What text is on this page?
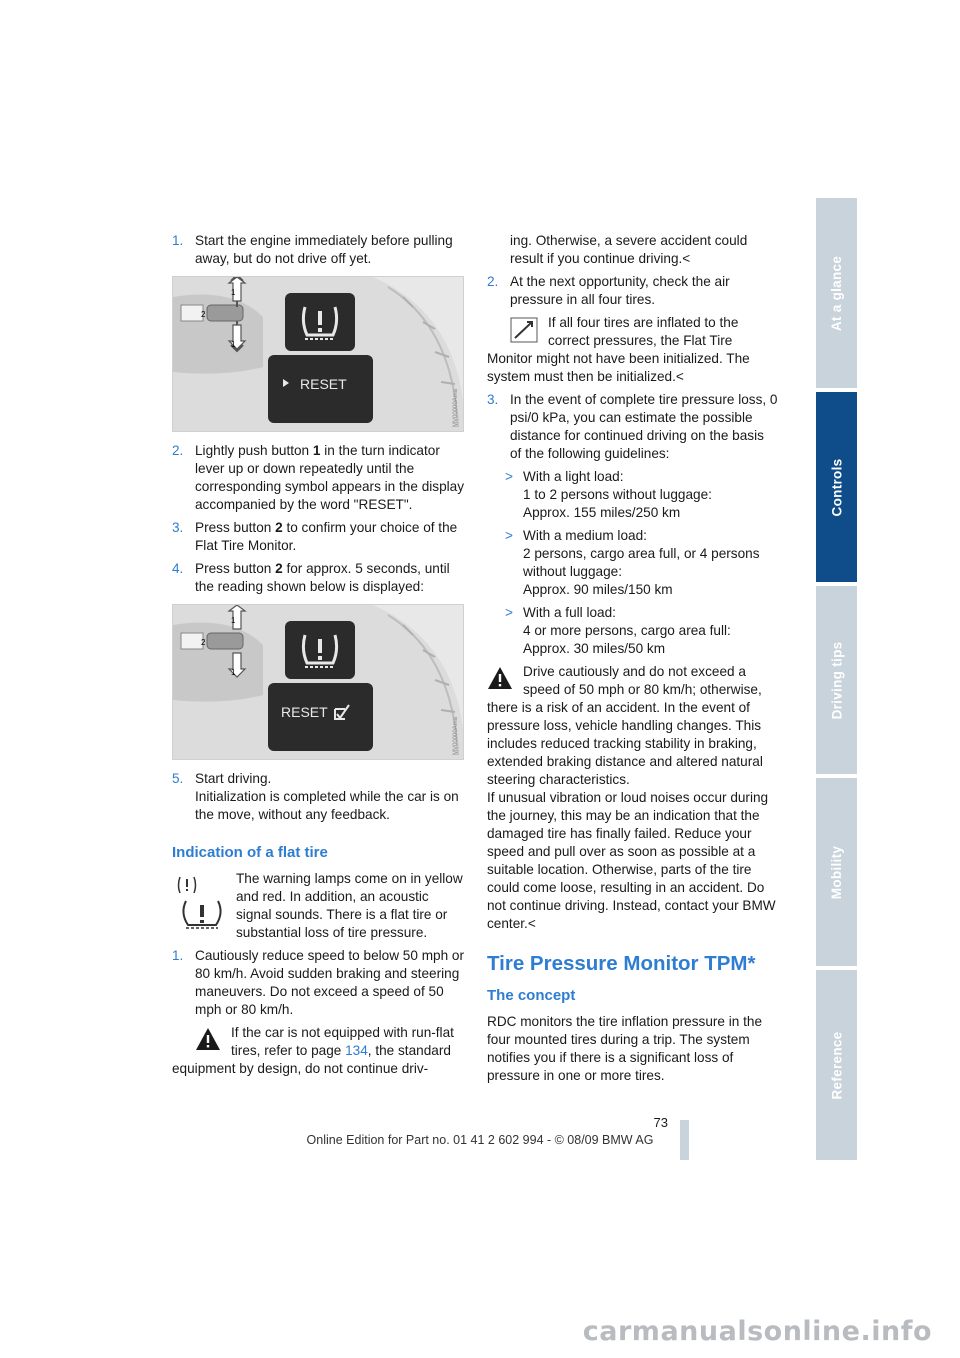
1. Start the engine immediately before pulling away, but do not drive off yet.
1
1
2
RESET
MV00000Ama
2. Lightly push button 1 in the turn indicator lever up or down repeatedly until the corresponding symbol appears in the display accompanied by the word "RESET".
3. Press button 2 to confirm your choice of the Flat Tire Monitor.
4. Press button 2 for approx. 5 seconds, until the reading shown below is displayed:
1
1
2
RESET
MV00000Ama
5. Start driving.
Initialization is completed while the car is on the move, without any feedback.
Indication of a flat tire
The warning lamps come on in yellow and red. In addition, an acoustic signal sounds. There is a flat tire or substantial loss of tire pressure.
1. Cautiously reduce speed to below 50 mph or 80 km/h. Avoid sudden braking and steering maneuvers. Do not exceed a speed of 50 mph or 80 km/h.
If the car is not equipped with run-flat tires, refer to page 134, the standard equipment by design, do not continue driv-
ing. Otherwise, a severe accident could result if you continue driving.<
2. At the next opportunity, check the air pressure in all four tires.
If all four tires are inflated to the correct pressures, the Flat Tire Monitor might not have been initialized. The system must then be initialized.<
3. In the event of complete tire pressure loss, 0 psi/0 kPa, you can estimate the possible distance for continued driving on the basis of the following guidelines:
> With a light load:
1 to 2 persons without luggage:
Approx. 155 miles/250 km
> With a medium load:
2 persons, cargo area full, or 4 persons without luggage:
Approx. 90 miles/150 km
> With a full load:
4 or more persons, cargo area full:
Approx. 30 miles/50 km
Drive cautiously and do not exceed a speed of 50 mph or 80 km/h; otherwise, there is a risk of an accident. In the event of pressure loss, vehicle handling changes. This includes reduced tracking stability in braking, extended braking distance and altered natural steering characteristics.
If unusual vibration or loud noises occur during the journey, this may be an indication that the damaged tire has finally failed. Reduce your speed and pull over as soon as possible at a suitable location. Otherwise, parts of the tire could come loose, resulting in an accident. Do not continue driving. Instead, contact your BMW center.<
Tire Pressure Monitor TPM*
The concept
RDC monitors the tire inflation pressure in the four mounted tires during a trip. The system notifies you if there is a significant loss of pressure in one or more tires.
At a glance
Controls
Driving tips
Mobility
Reference
73
Online Edition for Part no. 01 41 2 602 994 - © 08/09 BMW AG
carmanualsonline.info
